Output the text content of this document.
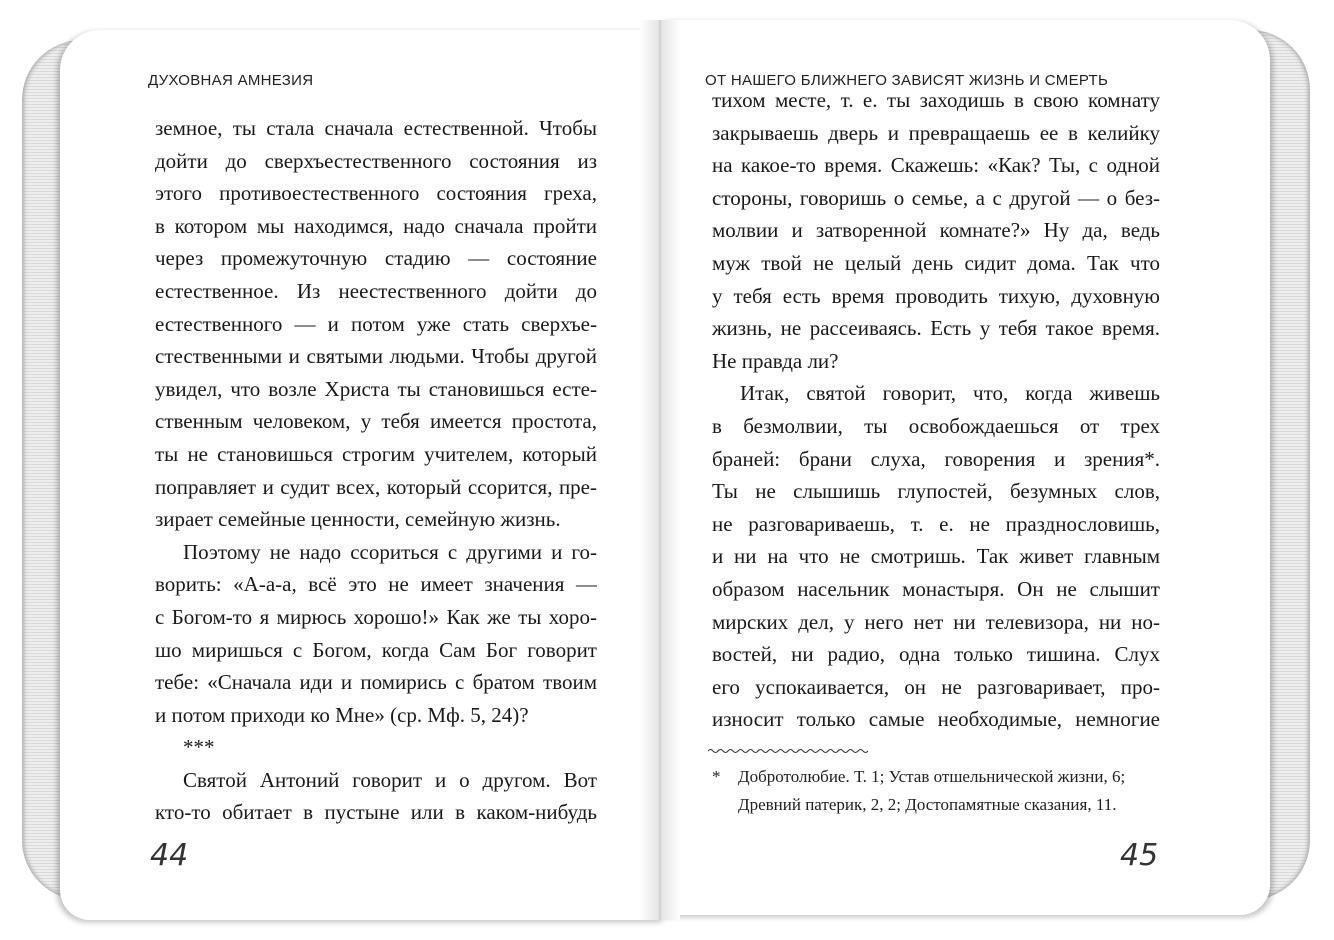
ДУХОВНАЯ АМНЕЗИЯ	ОТ НАШЕГО БЛИЖНЕГО ЗАВИСЯТ ЖИЗНЬ И СМЕРТЬ
земное, ты стала сначала естественной. Чтобы
дойти до сверхъестественного состояния из
этого противоестественного состояния греха,
в котором мы находимся, надо сначала пройти
через промежуточную стадию — состояние
естественное. Из неестественного дойти до
естественного — и потом уже стать сверхъе-
стественными и святыми людьми. Чтобы другой
увидел, что возле Христа ты становишься есте-
ственным человеком, у тебя имеется простота,
ты не становишься строгим учителем, который
поправляет и судит всех, который ссорится, пре-
зирает семейные ценности, семейную жизнь.
Поэтому не надо ссориться с другими и го-
ворить: «А-а-а, всё это не имеет значения —
с Богом-то я мирюсь хорошо!» Как же ты хоро-
шо миришься с Богом, когда Сам Бог говорит
тебе: «Сначала иди и помирись с братом твоим
и потом приходи ко Мне» (ср. Мф. 5, 24)?
***
Святой Антоний говорит и о другом. Вот
кто-то обитает в пустыне или в каком-нибудь
тихом месте, т. е. ты заходишь в свою комнату
закрываешь дверь и превращаешь ее в келийку
на какое-то время. Скажешь: «Как? Ты, с одной
стороны, говоришь о семье, а с другой — о без-
молвии и затворенной комнате?» Ну да, ведь
муж твой не целый день сидит дома. Так что
у тебя есть время проводить тихую, духовную
жизнь, не рассеиваясь. Есть у тебя такое время.
Не правда ли?
Итак, святой говорит, что, когда живешь
в безмолвии, ты освобождаешься от трех
браней: брани слуха, говорения и зрения*.
Ты не слышишь глупостей, безумных слов,
не разговариваешь, т. е. не празднословишь,
и ни на что не смотришь. Так живет главным
образом насельник монастыря. Он не слышит
мирских дел, у него нет ни телевизора, ни но-
востей, ни радио, одна только тишина. Слух
его успокаивается, он не разговаривает, про-
износит только самые необходимые, немногие
* Добротолюбие. Т. 1; Устав отшельнической жизни, 6;
Древний патерик, 2, 2; Достопамятные сказания, 11.
44	45
